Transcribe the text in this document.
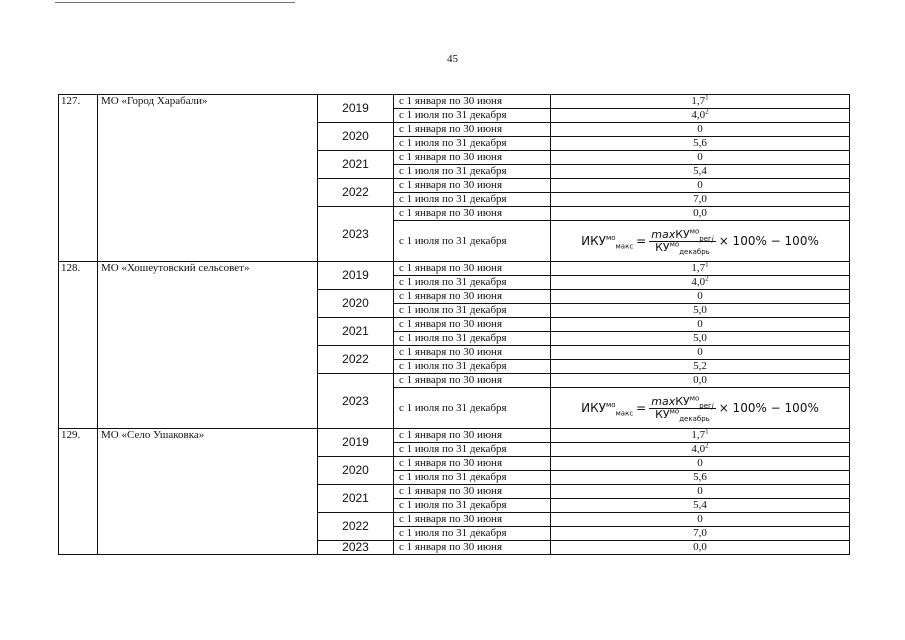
45
127.	МО «Город Харабали»	2019	с 1 января по 30 июня	$1,7^1$
			с 1 июля по 31 декабря	$4,0^2$
		2020	с 1 января по 30 июня	0
			с 1 июля по 31 декабря	5,6
		2021	с 1 января по 30 июня	0
			с 1 июля по 31 декабря	5,4
		2022	с 1 января по 30 июня	0
			с 1 июля по 31 декабря	7,0
		2023	с 1 января по 30 июня	0,0
			с 1 июля по 31 декабря	$ИКУ^{мо}_{макс} = \frac{\max КУ^{мо}_{регj}}{КУ^{мо}_{декабрь}} \times 100\% - 100\%$

128.	МО «Хошеутовский сельсовет»	2019	с 1 января по 30 июня	$1,7^1$
			с 1 июля по 31 декабря	$4,0^2$
		2020	с 1 января по 30 июня	0
			с 1 июля по 31 декабря	5,0
		2021	с 1 января по 30 июня	0
			с 1 июля по 31 декабря	5,0
		2022	с 1 января по 30 июня	0
			с 1 июля по 31 декабря	5,2
		2023	с 1 января по 30 июня	0,0
			с 1 июля по 31 декабря	$ИКУ^{мо}_{макс} = \frac{\max КУ^{мо}_{регj}}{КУ^{мо}_{декабрь}} \times 100\% - 100\%$

129.	МО «Село Ушаковка»	2019	с 1 января по 30 июня	$1,7^1$
			с 1 июля по 31 декабря	$4,0^2$
		2020	с 1 января по 30 июня	0
			с 1 июля по 31 декабря	5,6
		2021	с 1 января по 30 июня	0
			с 1 июля по 31 декабря	5,4
		2022	с 1 января по 30 июня	0
			с 1 июля по 31 декабря	7,0
		2023	с 1 января по 30 июня	0,0
